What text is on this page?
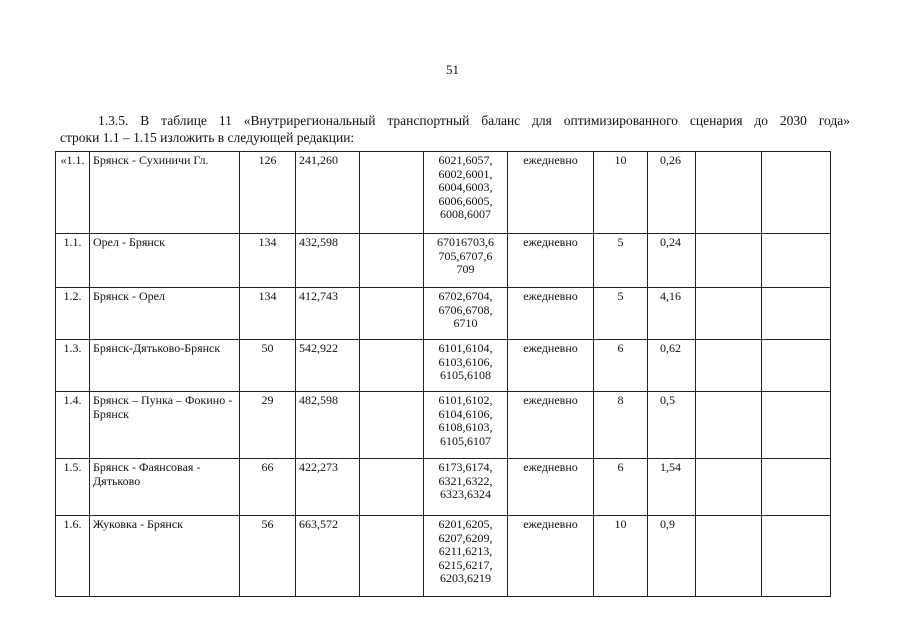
51
1.3.5. В таблице 11 «Внутрирегиональный транспортный баланс для оптимизированного сценария до 2030 года»
строки 1.1 – 1.15 изложить в следующей редакции:
«1.1.	Брянск - Сухиничи Гл.	126	241,260		6021,6057,
6002,6001,
6004,6003,
6006,6005,
6008,6007	ежедневно	10	0,26		
1.1.	Орел - Брянск	134	432,598		67016703,6
705,6707,6
709	ежедневно	5	0,24		
1.2.	Брянск - Орел	134	412,743		6702,6704,
6706,6708,
6710	ежедневно	5	4,16		
1.3.	Брянск-Дятьково-Брянск	50	542,922		6101,6104,
6103,6106,
6105,6108	ежедневно	6	0,62		
1.4.	Брянск – Пунка – Фокино - Брянск	29	482,598		6101,6102,
6104,6106,
6108,6103,
6105,6107	ежедневно	8	0,5		
1.5.	Брянск - Фаянсовая - Дятьково	66	422,273		6173,6174,
6321,6322,
6323,6324	ежедневно	6	1,54		
1.6.	Жуковка - Брянск	56	663,572		6201,6205,
6207,6209,
6211,6213,
6215,6217,
6203,6219	ежедневно	10	0,9		
